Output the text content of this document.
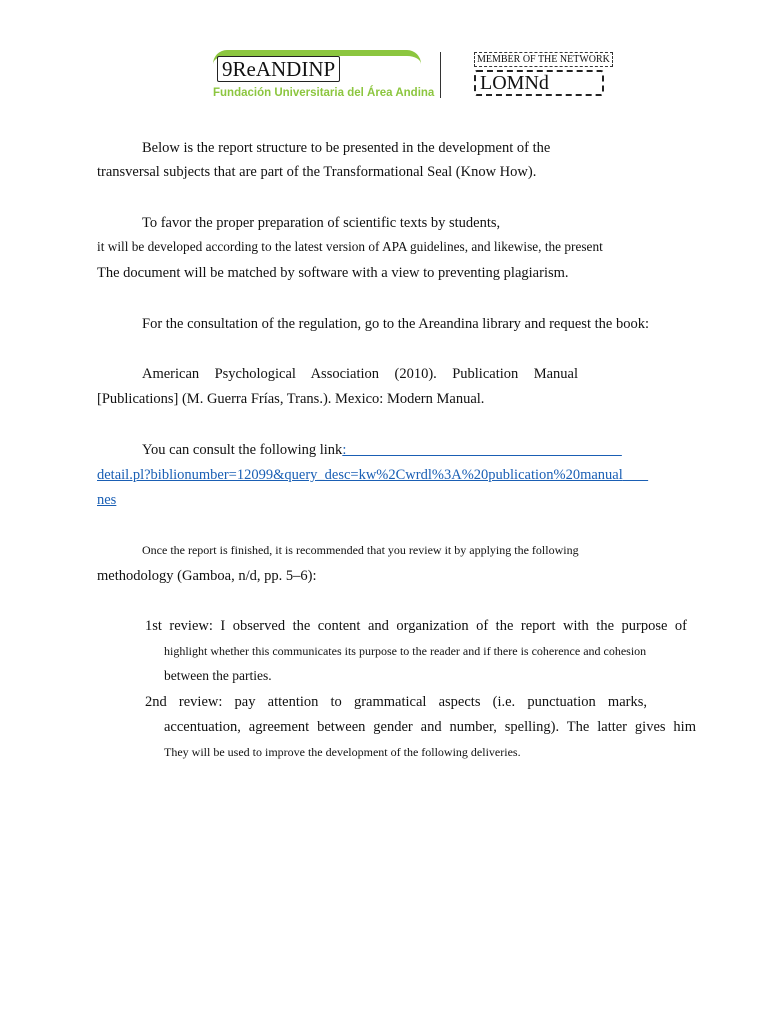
9ReANDINP
Fundación Universitaria del Área Andina
MEMBER OF THE NETWORK
LOMNd
Below is the report structure to be presented in the development of the
transversal subjects that are part of the Transformational Seal (Know How).
To favor the proper preparation of scientific texts by students,
it will be developed according to the latest version of APA guidelines, and likewise, the present
The document will be matched by software with a view to preventing plagiarism.
For the consultation of the regulation, go to the Areandina library and request the book:
American Psychological Association (2010). Publication Manual
[Publications] (M. Guerra Frías, Trans.). Mexico: Modern Manual.
You can consult the following link:
detail.pl?biblionumber=12099&query_desc=kw%2Cwrdl%3A%20publication%20manual
nes
Once the report is finished, it is recommended that you review it by applying the following
methodology (Gamboa, n/d, pp. 5–6):
1st review: I observed the content and organization of the report with the purpose of
highlight whether this communicates its purpose to the reader and if there is coherence and cohesion
between the parties.
2nd review: pay attention to grammatical aspects (i.e. punctuation marks,
accentuation, agreement between gender and number, spelling). The latter gives him
They will be used to improve the development of the following deliveries.
